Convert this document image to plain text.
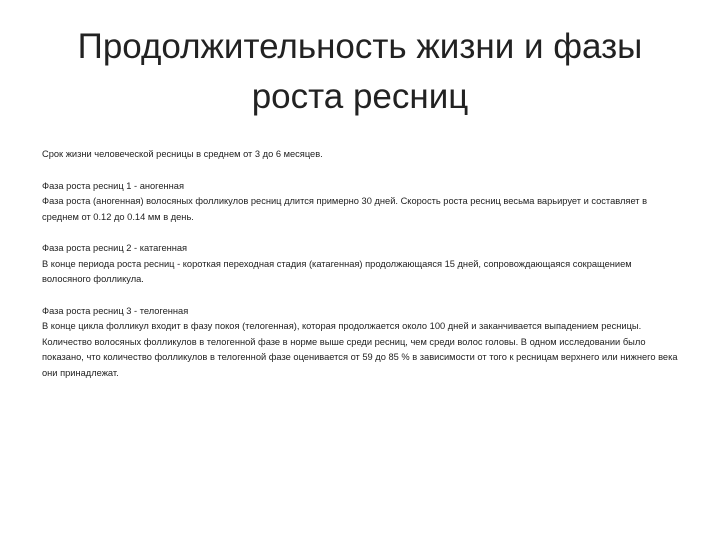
Продолжительность жизни и фазы
роста ресниц

Срок жизни человеческой ресницы в среднем от 3 до 6 месяцев.

Фаза роста ресниц 1 - аногенная

Фаза роста (аногенная) волосяных фолликулов ресниц длится примерно 30 дней. Скорость роста ресниц весьма варьирует и составляет в среднем от 0.12 до 0.14 мм в день.

Фаза роста ресниц 2 - катагенная

В конце периода роста ресниц - короткая переходная стадия (катагенная) продолжающаяся 15 дней, сопровождающаяся сокращением волосяного фолликула.

Фаза роста ресниц 3 - телогенная

В конце цикла фолликул входит в фазу покоя (телогенная), которая продолжается около 100 дней и заканчивается выпадением ресницы.

Количество волосяных фолликулов в телогенной фазе в норме выше среди ресниц, чем среди волос головы. В одном исследовании было показано, что количество фолликулов в телогенной фазе оценивается от 59 до 85 % в зависимости от того к ресницам верхнего или нижнего века они принадлежат.
